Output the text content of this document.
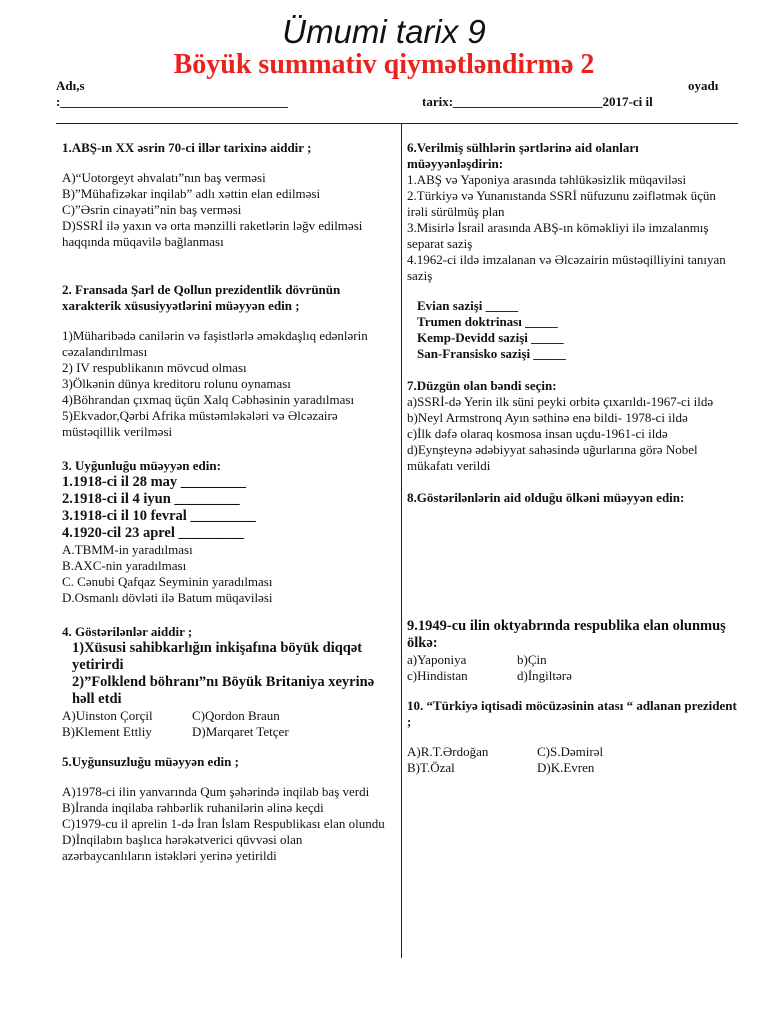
Ümumi tarix 9
Böyük summativ qiymətləndirmə 2
Adı,s	oyadı
:___________________________________	tarix:_______________________2017-ci il
1.ABŞ-ın XX əsrin 70-ci illər tarixinə aiddir ;
A)“Uotorgeyt əhvalatı”nın baş verməsi
B)”Mühafizəkar inqilab” adlı xəttin elan edilməsi
C)”Əsrin cinayəti”nin baş verməsi
D)SSRİ ilə yaxın və orta mənzilli raketlərin ləğv edilməsi haqqında müqavilə bağlanması
2. Fransada Şarl de Qollun prezidentlik dövrünün xarakterik xüsusiyyətlərini müəyyən edin ;
1)Müharibədə canilərin və faşistlərlə əməkdaşlıq edənlərin cəzalandırılması
2) IV respublikanın mövcud olması
3)Ölkənin dünya kreditoru rolunu oynaması
4)Böhrandan çıxmaq üçün Xalq Cəbhəsinin yaradılması
5)Ekvador,Qərbi Afrika müstəmləkələri və Əlcəzairə müstəqillik verilməsi
3. Uyğunluğu müəyyən edin:
1.1918-ci il 28 may _________
2.1918-ci il 4 iyun _________
3.1918-ci il 10 fevral _________
4.1920-cil 23 aprel _________
A.TBMM-in yaradılması
B.AXC-nin yaradılması
C. Cənubi Qafqaz Seyminin yaradılması
D.Osmanlı dövləti ilə Batum müqaviləsi
4. Göstərilənlər aiddir ;
1)Xüsusi sahibkarlığın inkişafına böyük diqqət yetirirdi
2)”Folklend böhranı”nı Böyük Britaniya xeyrinə həll etdi
A)Uinston Çorçil	C)Qordon Braun
B)Klement Ettliy	D)Marqaret Tetçer
5.Uyğunsuzluğu müəyyən edin ;
A)1978-ci ilin yanvarında Qum şəhərində inqilab baş verdi
B)İranda inqilaba rəhbərlik ruhanilərin əlinə keçdi
C)1979-cu il aprelin 1-də İran İslam Respublikası elan olundu
D)İnqilabın başlıca hərəkətverici qüvvəsi olan azərbaycanlıların istəkləri yerinə yetirildi
6.Verilmiş sülhlərin şərtlərinə aid olanları müəyyənləşdirin:
1.ABŞ və Yaponiya arasında təhlükəsizlik müqaviləsi
2.Türkiyə və Yunanıstanda SSRİ nüfuzunu zəiflətmək üçün irəli sürülmüş plan
3.Misirlə İsrail arasında ABŞ-ın köməkliyi ilə imzalanmış separat saziş
4.1962-ci ildə imzalanan və Əlcəzairin müstəqilliyini tanıyan saziş
Evian sazişi _____
Trumen doktrinası _____
Kemp-Devidd sazişi _____
San-Fransisko sazişi _____
7.Düzgün olan bəndi seçin:
a)SSRİ-də Yerin ilk süni peyki orbitə çıxarıldı-1967-ci ildə
b)Neyl Armstronq Ayın səthinə enə bildi- 1978-ci ildə
c)İlk dəfə olaraq kosmosa insan uçdu-1961-ci ildə
d)Eynşteynə ədəbiyyat sahəsində uğurlarına görə Nobel mükafatı verildi
8.Göstərilənlərin aid olduğu ölkəni müəyyən edin:
9.1949-cu ilin oktyabrında respublika elan olunmuş ölkə:
a)Yaponiya	b)Çin
c)Hindistan	d)İngiltərə
10. “Türkiyə iqtisadi möcüzəsinin atası “ adlanan prezident ;
A)R.T.Ərdoğan	C)S.Dəmirəl
B)T.Özal	D)K.Evren
